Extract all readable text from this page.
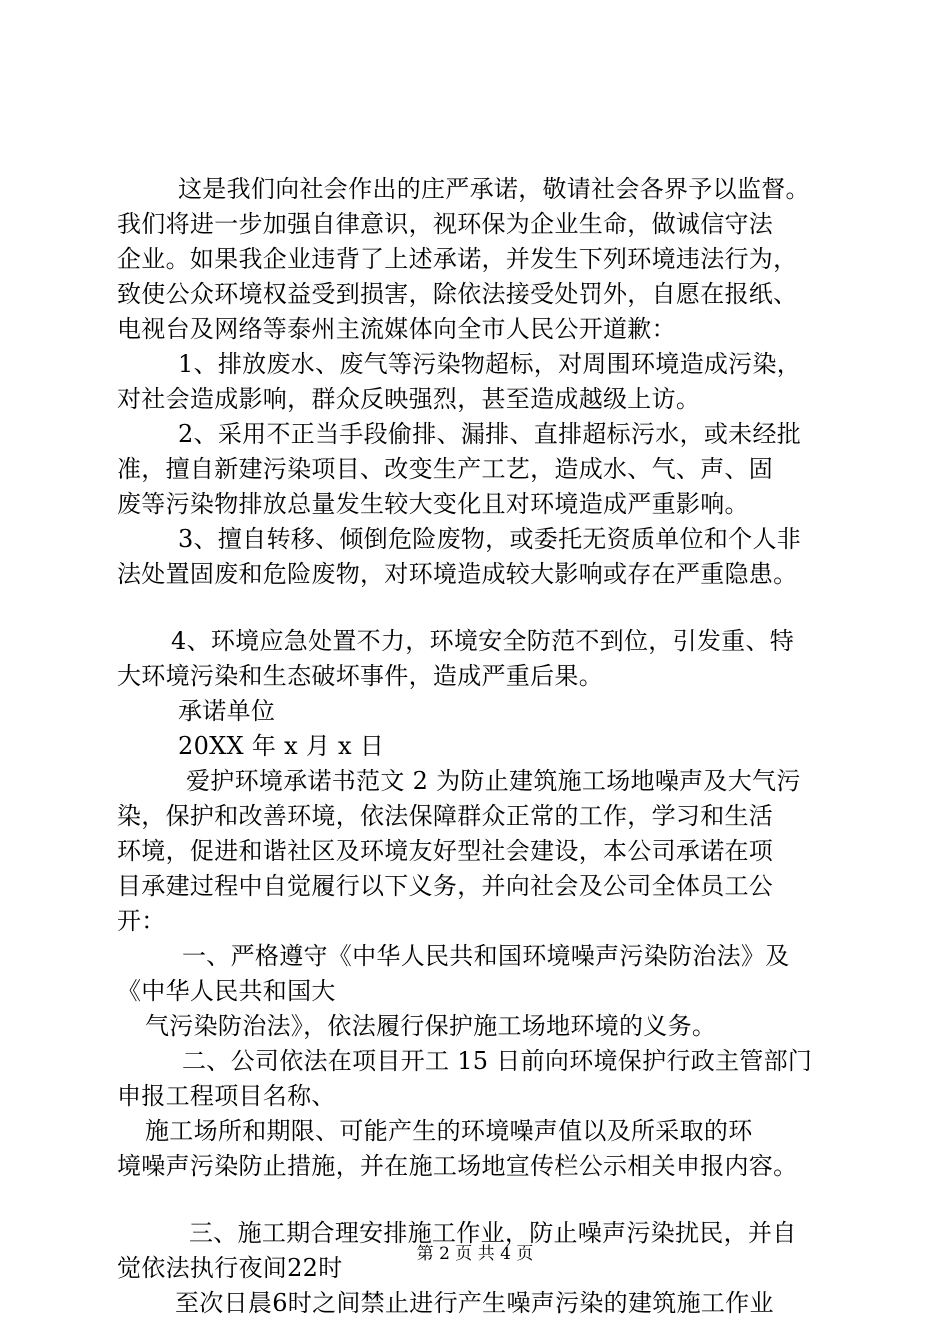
这是我们向社会作出的庄严承诺，敬请社会各界予以监督。
我们将进一步加强自律意识，视环保为企业生命，做诚信守法
企业。如果我企业违背了上述承诺，并发生下列环境违法行为，
致使公众环境权益受到损害，除依法接受处罚外，自愿在报纸、
电视台及网络等泰州主流媒体向全市人民公开道歉：
1、排放废水、废气等污染物超标，对周围环境造成污染，
对社会造成影响，群众反映强烈，甚至造成越级上访。
2、采用不正当手段偷排、漏排、直排超标污水，或未经批
准，擅自新建污染项目、改变生产工艺，造成水、气、声、固
废等污染物排放总量发生较大变化且对环境造成严重影响。
3、擅自转移、倾倒危险废物，或委托无资质单位和个人非
法处置固废和危险废物，对环境造成较大影响或存在严重隐患。
4、环境应急处置不力，环境安全防范不到位，引发重、特
大环境污染和生态破坏事件，造成严重后果。
承诺单位
20XX 年 x 月 x 日
爱护环境承诺书范文 2 为防止建筑施工场地噪声及大气污
染，保护和改善环境，依法保障群众正常的工作，学习和生活
环境，促进和谐社区及环境友好型社会建设，本公司承诺在项
目承建过程中自觉履行以下义务，并向社会及公司全体员工公
开：
一、严格遵守《中华人民共和国环境噪声污染防治法》及
《中华人民共和国大
气污染防治法》，依法履行保护施工场地环境的义务。
二、公司依法在项目开工 15 日前向环境保护行政主管部门
申报工程项目名称、
施工场所和期限、可能产生的环境噪声值以及所采取的环
境噪声污染防止措施，并在施工场地宣传栏公示相关申报内容。
三、施工期合理安排施工作业，防止噪声污染扰民，并自
觉依法执行夜间22时
至次日晨6时之间禁止进行产生噪声污染的建筑施工作业
第 2 页 共 4 页
